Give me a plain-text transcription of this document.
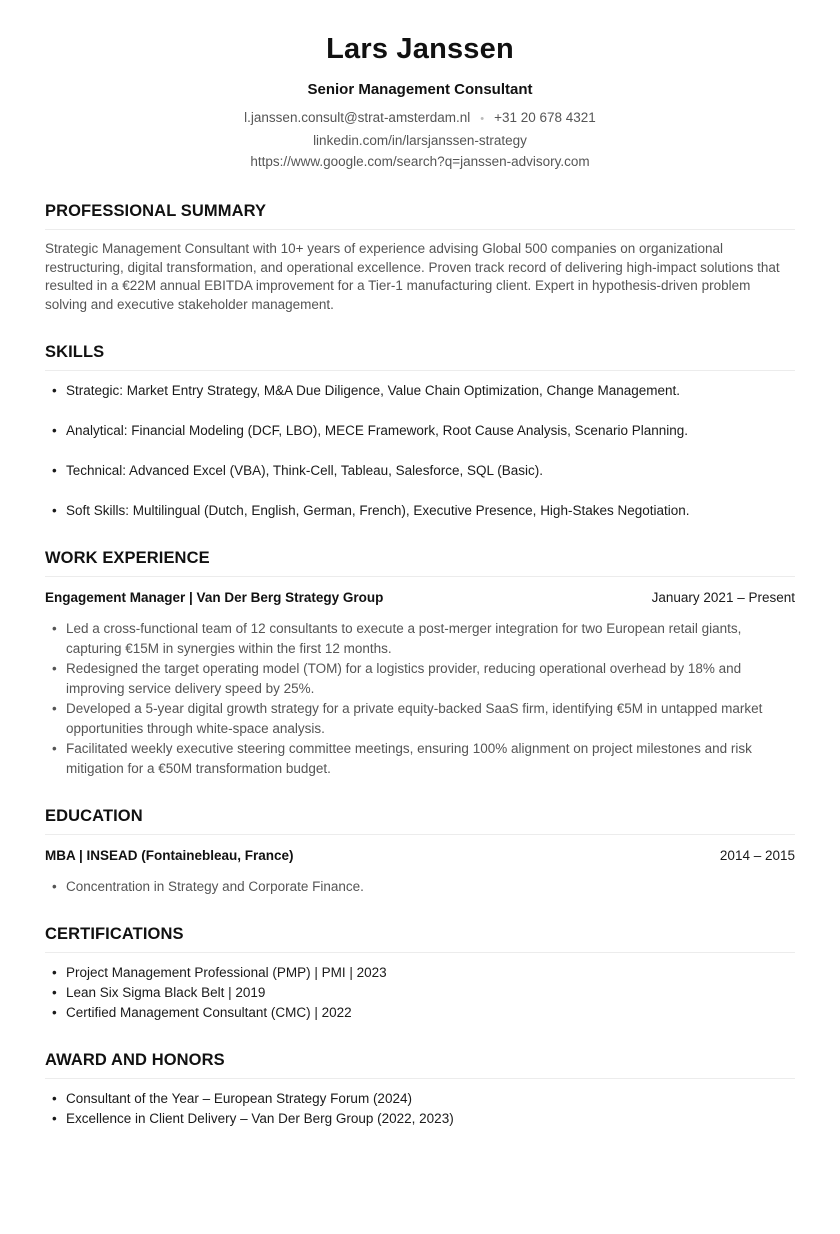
Lars Janssen
Senior Management Consultant
l.janssen.consult@strat-amsterdam.nl • +31 20 678 4321
linkedin.com/in/larsjanssen-strategy
https://www.google.com/search?q=janssen-advisory.com
PROFESSIONAL SUMMARY

Strategic Management Consultant with 10+ years of experience advising Global 500 companies on organizational restructuring, digital transformation, and operational excellence. Proven track record of delivering high-impact solutions that resulted in a €22M annual EBITDA improvement for a Tier-1 manufacturing client. Expert in hypothesis-driven problem solving and executive stakeholder management.

SKILLS
• Strategic: Market Entry Strategy, M&A Due Diligence, Value Chain Optimization, Change Management.
• Analytical: Financial Modeling (DCF, LBO), MECE Framework, Root Cause Analysis, Scenario Planning.
• Technical: Advanced Excel (VBA), Think-Cell, Tableau, Salesforce, SQL (Basic).
• Soft Skills: Multilingual (Dutch, English, German, French), Executive Presence, High-Stakes Negotiation.
WORK EXPERIENCE
Engagement Manager | Van Der Berg Strategy Group	January 2021 – Present
• Led a cross-functional team of 12 consultants to execute a post-merger integration for two European retail giants, capturing €15M in synergies within the first 12 months.
• Redesigned the target operating model (TOM) for a logistics provider, reducing operational overhead by 18% and improving service delivery speed by 25%.
• Developed a 5-year digital growth strategy for a private equity-backed SaaS firm, identifying €5M in untapped market opportunities through white-space analysis.
• Facilitated weekly executive steering committee meetings, ensuring 100% alignment on project milestones and risk mitigation for a €50M transformation budget.
EDUCATION
MBA | INSEAD (Fontainebleau, France)	2014 – 2015
• Concentration in Strategy and Corporate Finance.
CERTIFICATIONS
• Project Management Professional (PMP) | PMI | 2023
• Lean Six Sigma Black Belt | 2019
• Certified Management Consultant (CMC) | 2022
AWARD AND HONORS
• Consultant of the Year – European Strategy Forum (2024)
• Excellence in Client Delivery – Van Der Berg Group (2022, 2023)
